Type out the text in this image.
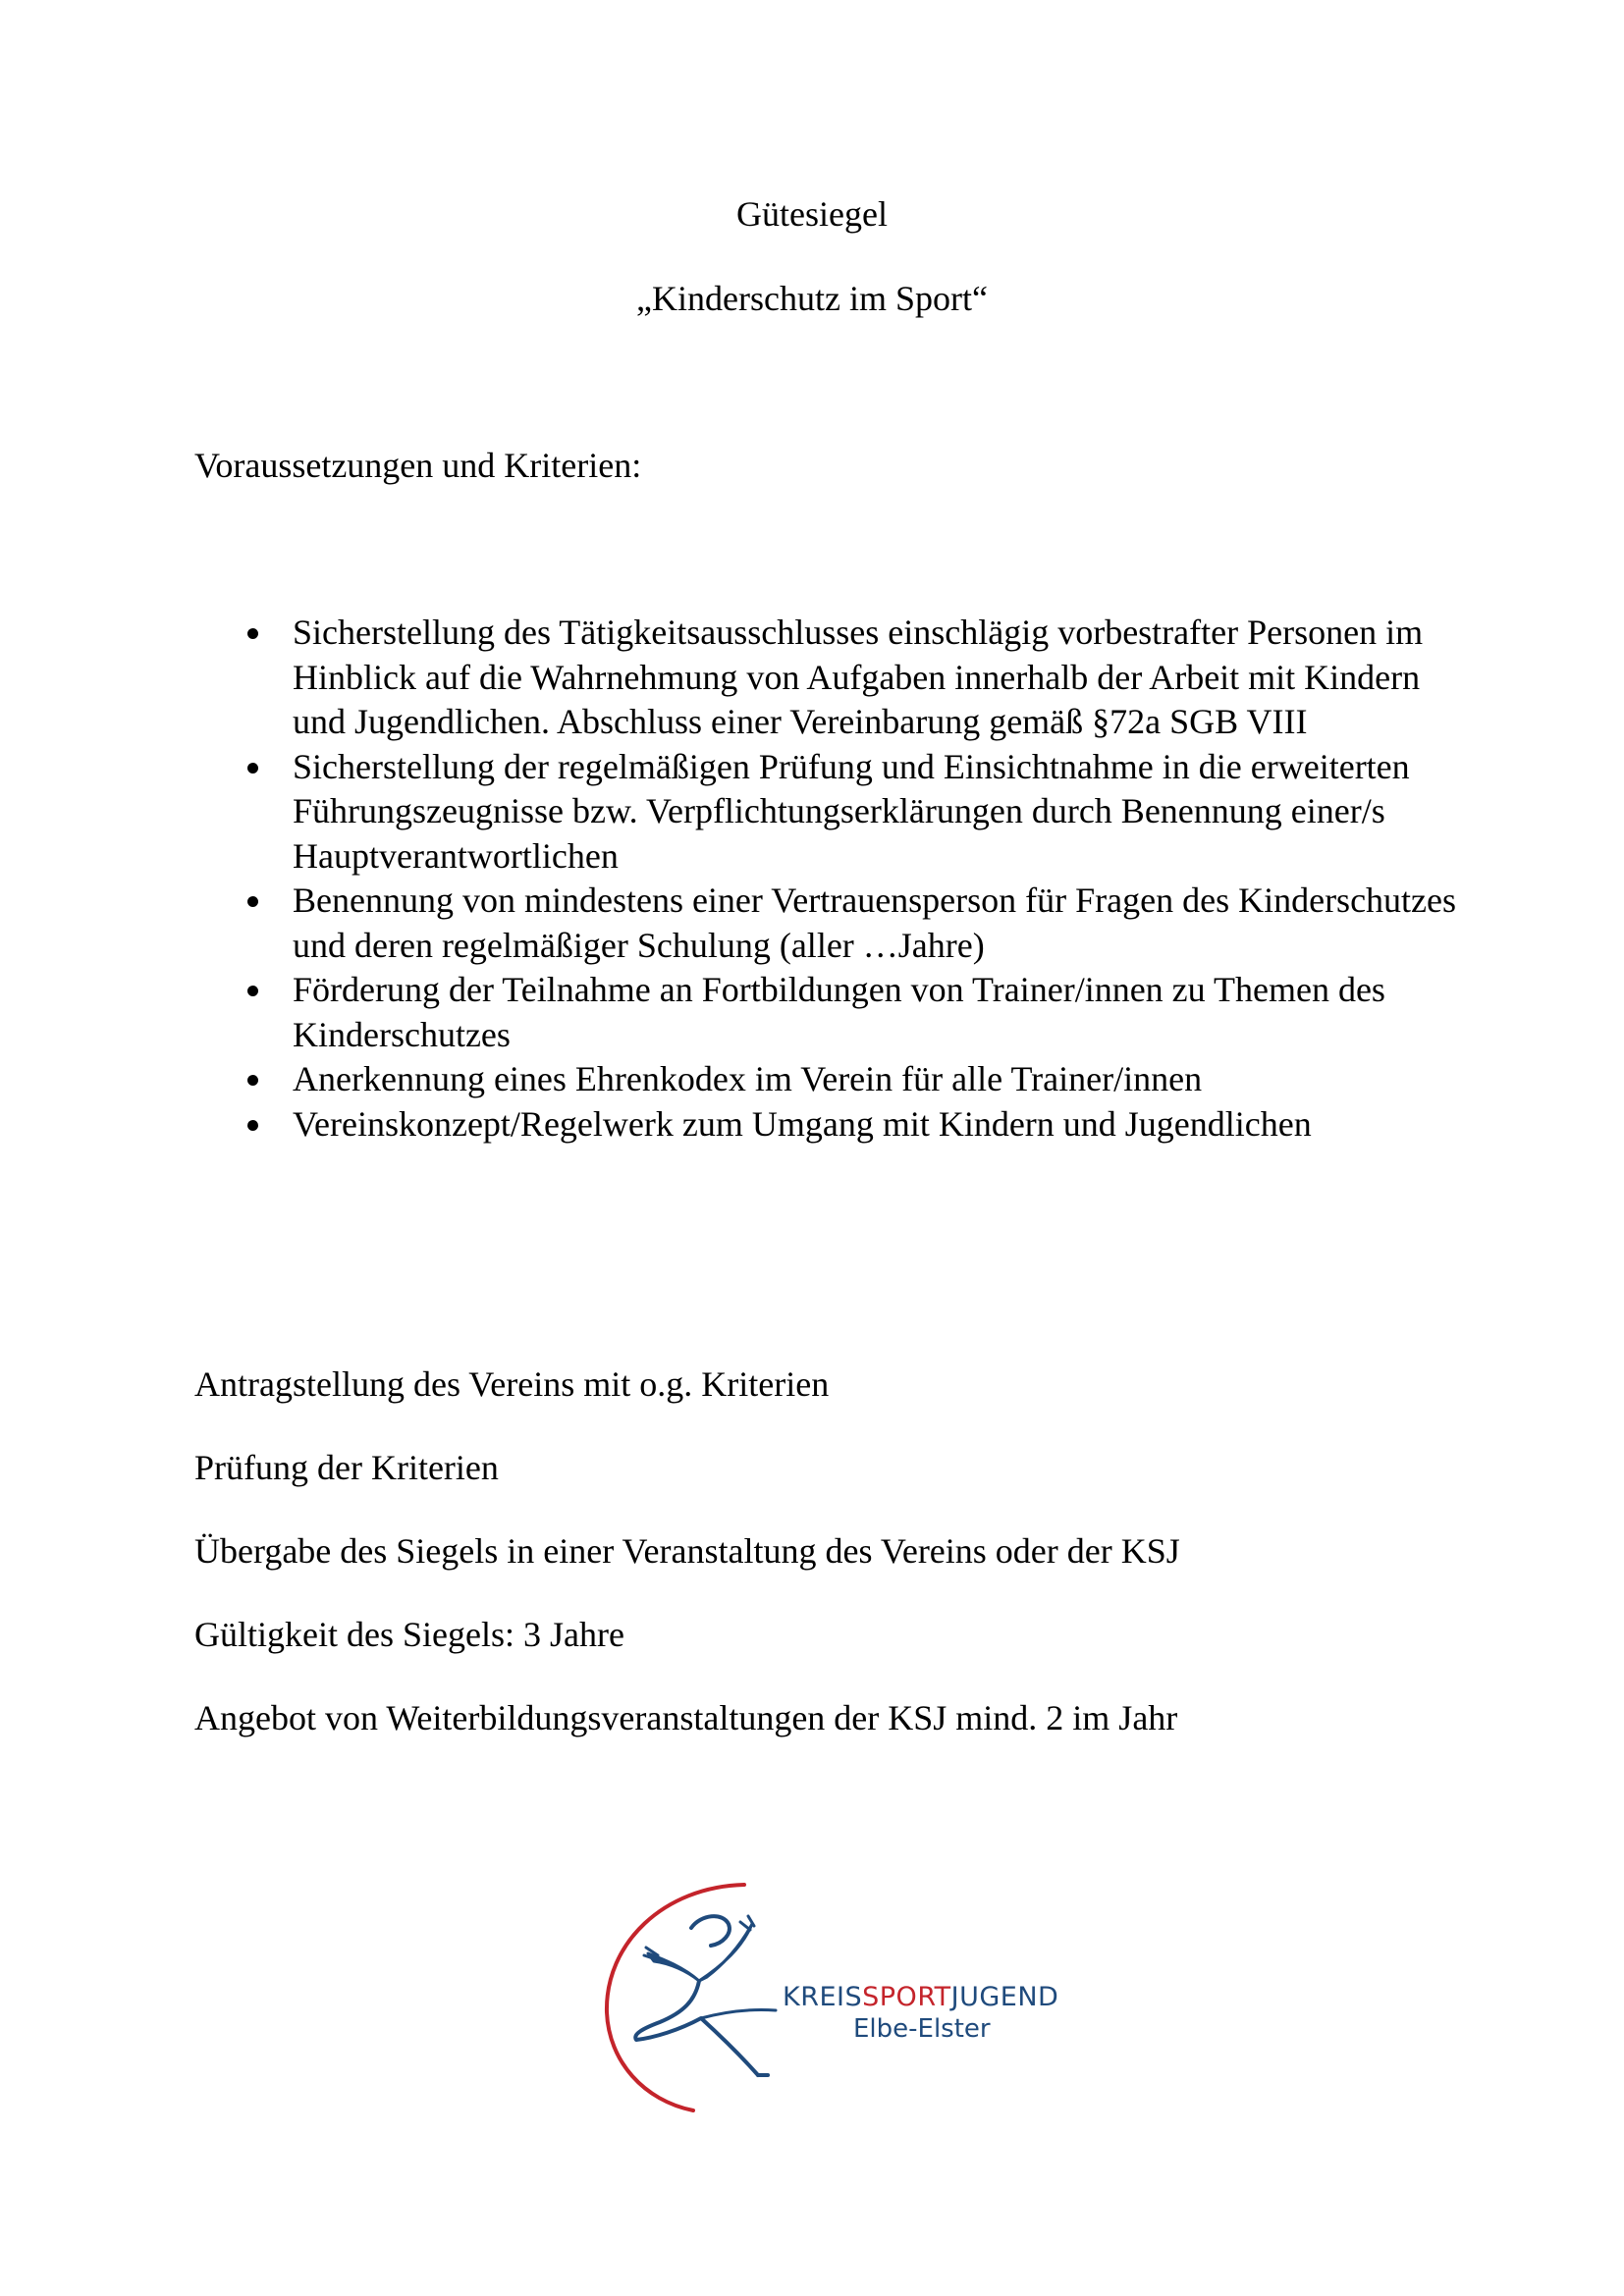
Gütesiegel
„Kinderschutz im Sport“
Voraussetzungen und Kriterien:
Sicherstellung des Tätigkeitsausschlusses einschlägig vorbestrafter Personen im Hinblick auf die Wahrnehmung von Aufgaben innerhalb der Arbeit mit Kindern und Jugendlichen. Abschluss einer Vereinbarung gemäß §72a SGB VIII
Sicherstellung der regelmäßigen Prüfung und Einsichtnahme in die erweiterten Führungszeugnisse bzw. Verpflichtungserklärungen durch Benennung einer/s Hauptverantwortlichen
Benennung von mindestens einer Vertrauensperson für Fragen des Kinderschutzes und deren regelmäßiger Schulung (aller …Jahre)
Förderung der Teilnahme an Fortbildungen von Trainer/innen zu Themen des Kinderschutzes
Anerkennung eines Ehrenkodex im Verein für alle Trainer/innen
Vereinskonzept/Regelwerk zum Umgang mit Kindern und Jugendlichen
Antragstellung des Vereins mit o.g. Kriterien
Prüfung der Kriterien
Übergabe des Siegels in einer Veranstaltung des Vereins oder der KSJ
Gültigkeit des Siegels: 3 Jahre
Angebot von Weiterbildungsveranstaltungen der KSJ mind. 2 im Jahr
KREISSPORTJUGEND
Elbe-Elster
